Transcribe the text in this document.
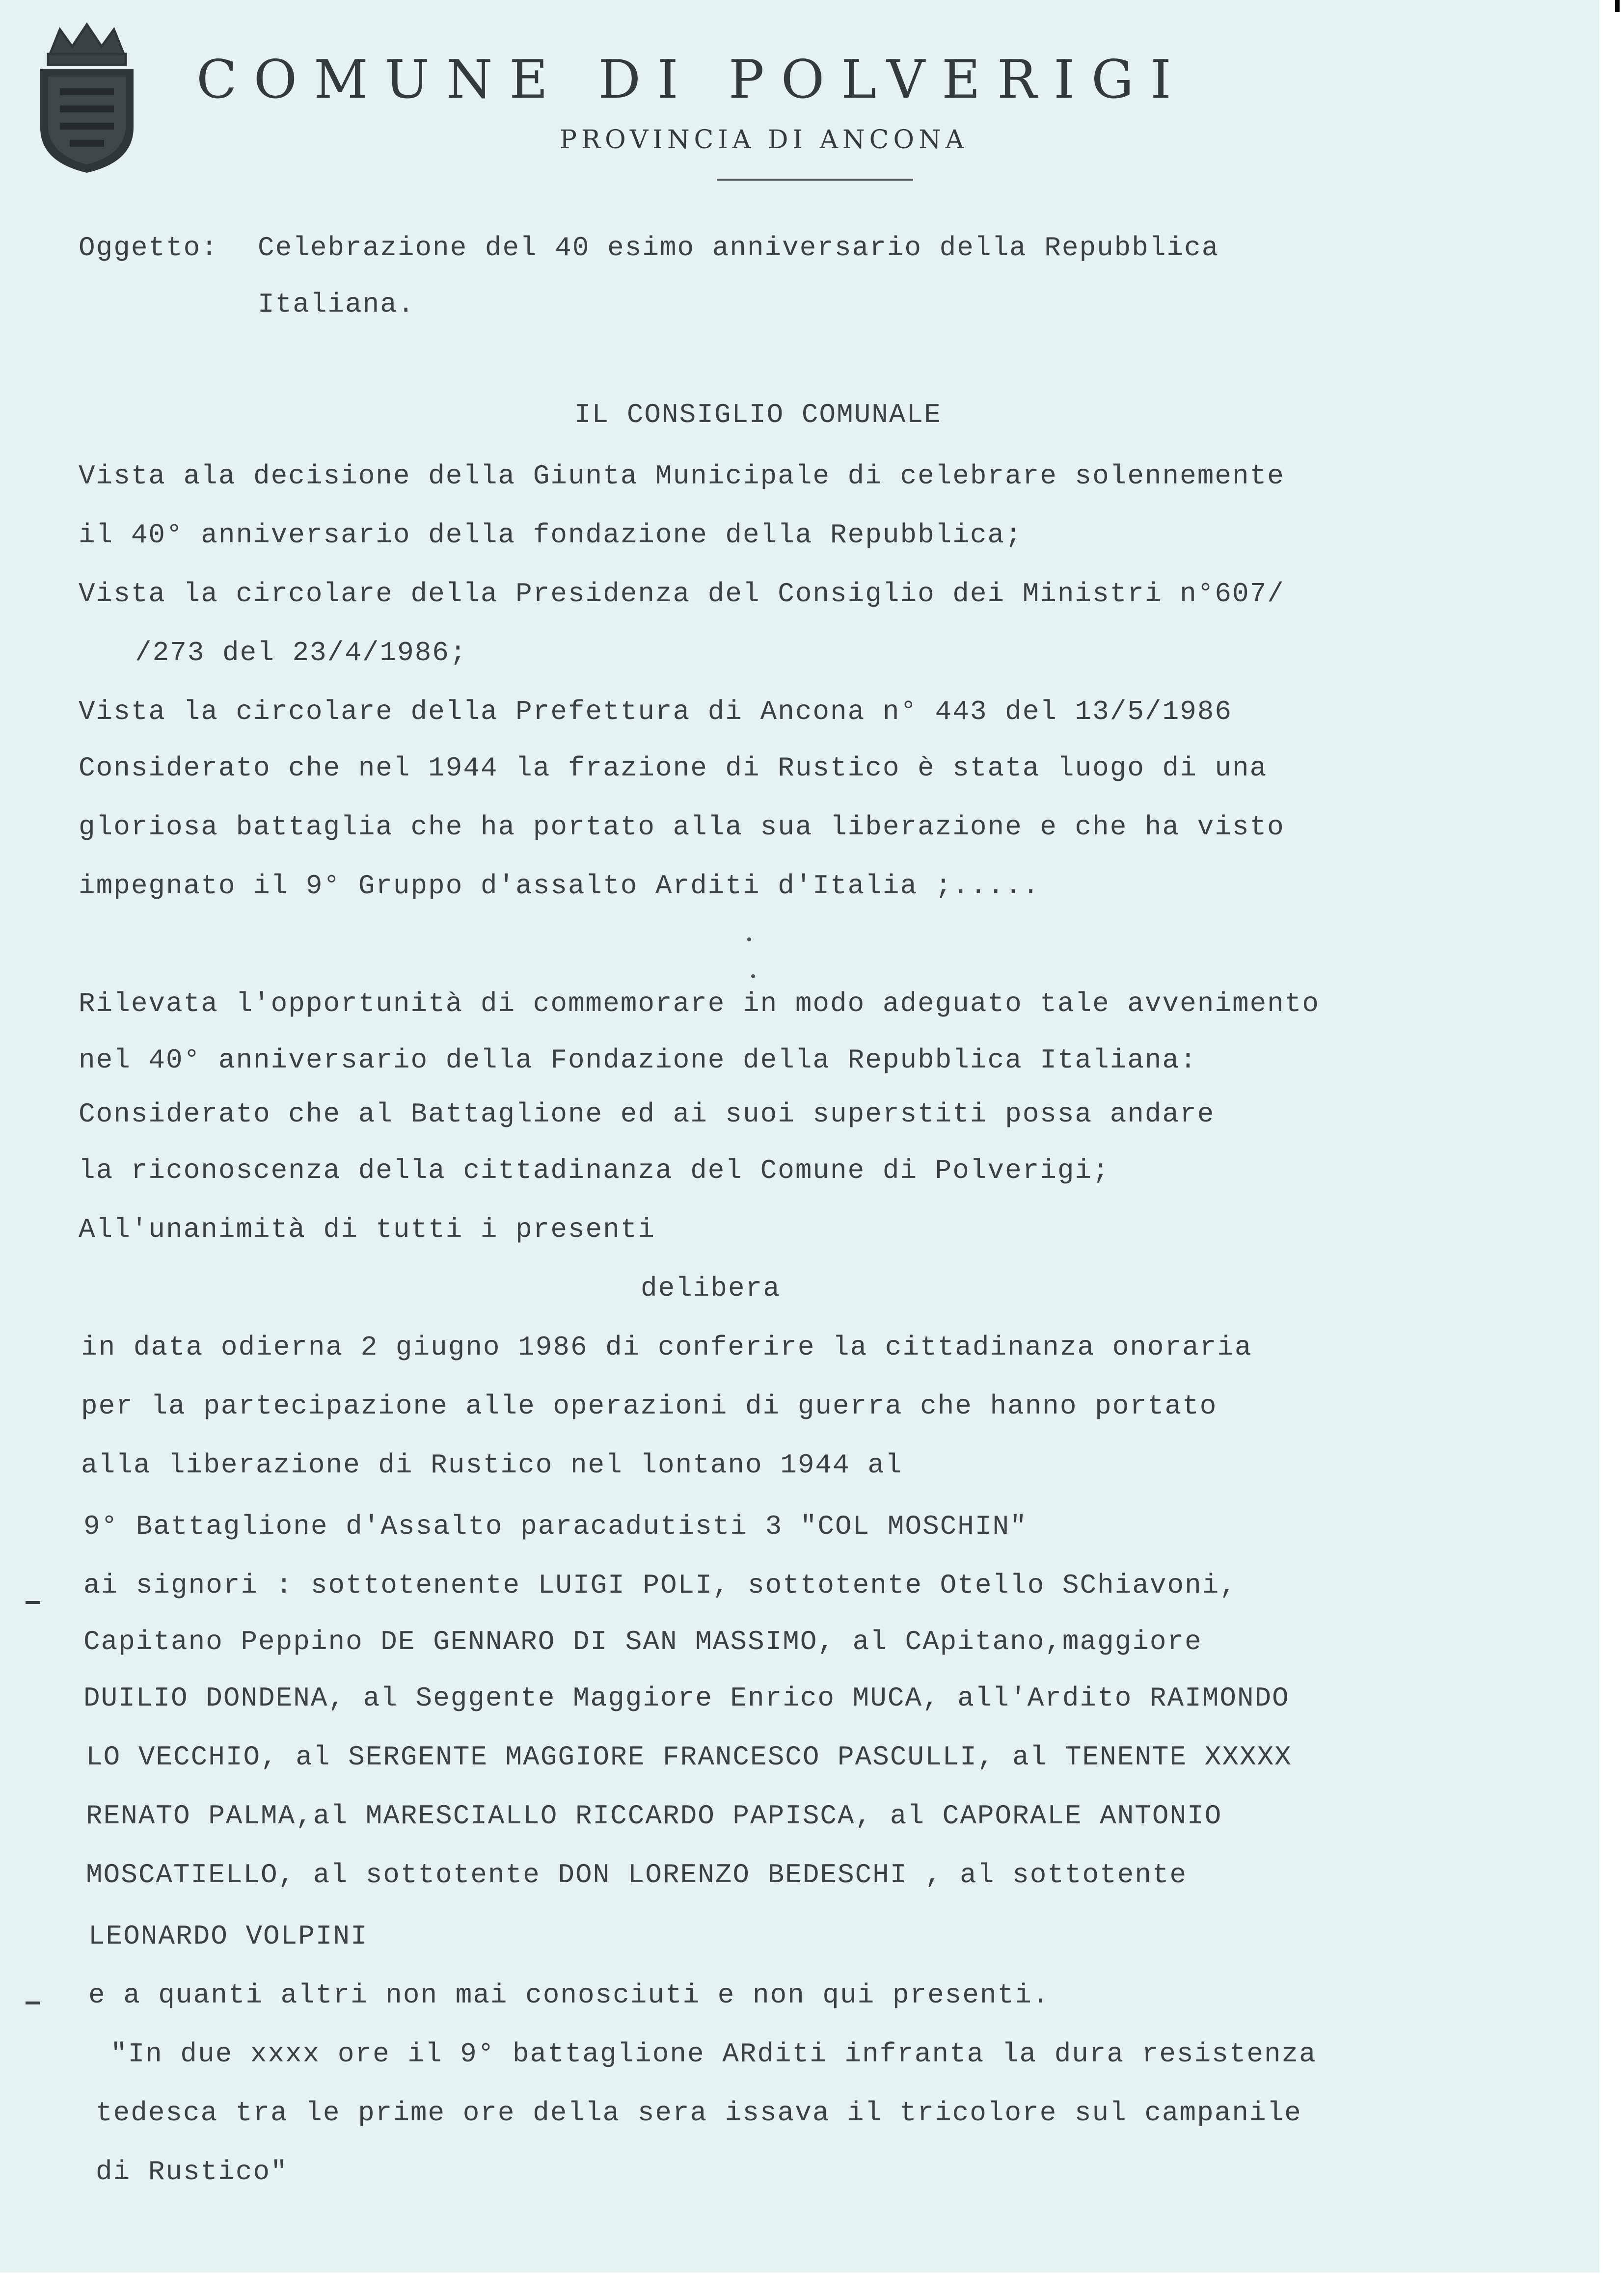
COMUNE DI POLVERIGI
PROVINCIA DI ANCONA
Oggetto: Celebrazione del 40 esimo anniversario della Repubblica
Italiana.
IL CONSIGLIO COMUNALE
Vista ala decisione della Giunta Municipale di celebrare solennemente
il 40° anniversario della fondazione della Repubblica;
Vista la circolare della Presidenza del Consiglio dei Ministri n°607/
/273 del 23/4/1986;
Vista la circolare della Prefettura di Ancona n° 443 del 13/5/1986
Considerato che nel 1944 la frazione di Rustico è stata luogo di una
gloriosa battaglia che ha portato alla sua liberazione e che ha visto
impegnato il 9° Gruppo d'assalto Arditi d'Italia ;.....
Rilevata l'opportunità di commemorare in modo adeguato tale avvenimento
nel 40° anniversario della Fondazione della Repubblica Italiana:
Considerato che al Battaglione ed ai suoi superstiti possa andare
la riconoscenza della cittadinanza del Comune di Polverigi;
All'unanimità di tutti i presenti
delibera
in data odierna 2 giugno 1986 di conferire la cittadinanza onoraria
per la partecipazione alle operazioni di guerra che hanno portato
alla liberazione di Rustico nel lontano 1944 al
9° Battaglione d'Assalto paracadutisti 3 "COL MOSCHIN"
ai signori : sottotenente LUIGI POLI, sottotente Otello SChiavoni,
Capitano Peppino DE GENNARO DI SAN MASSIMO, al CApitano,maggiore
DUILIO DONDENA, al Seggente Maggiore Enrico MUCA, all'Ardito RAIMONDO
LO VECCHIO, al SERGENTE MAGGIORE FRANCESCO PASCULLI, al TENENTE XXXXX
RENATO PALMA,al MARESCIALLO RICCARDO PAPISCA, al CAPORALE ANTONIO
MOSCATIELLO, al sottotente DON LORENZO BEDESCHI , al sottotente
LEONARDO VOLPINI
e a quanti altri non mai conosciuti e non qui presenti.
"In due xxxx ore il 9° battaglione ARditi infranta la dura resistenza
tedesca tra le prime ore della sera issava il tricolore sul campanile
di Rustico"
